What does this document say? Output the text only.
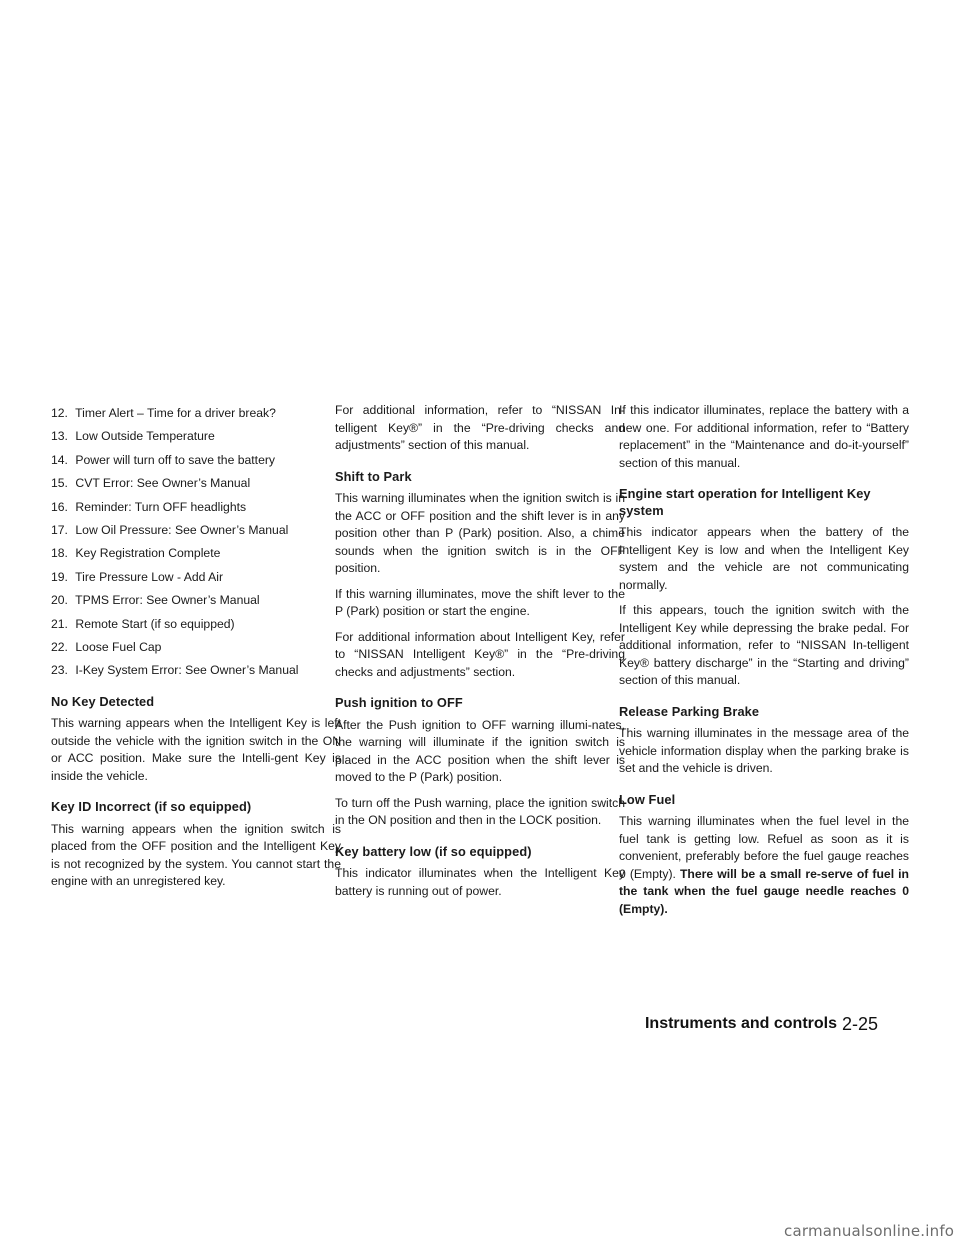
12. Timer Alert – Time for a driver break?
13. Low Outside Temperature
14. Power will turn off to save the battery
15. CVT Error: See Owner’s Manual
16. Reminder: Turn OFF headlights
17. Low Oil Pressure: See Owner’s Manual
18. Key Registration Complete
19. Tire Pressure Low - Add Air
20. TPMS Error: See Owner’s Manual
21. Remote Start (if so equipped)
22. Loose Fuel Cap
23. I-Key System Error: See Owner’s Manual
No Key Detected

This warning appears when the Intelligent Key is left outside the vehicle with the ignition switch in the ON or ACC position. Make sure the Intelli-gent Key is inside the vehicle.

Key ID Incorrect (if so equipped)

This warning appears when the ignition switch is placed from the OFF position and the Intelligent Key is not recognized by the system. You cannot start the engine with an unregistered key.

For additional information, refer to “NISSAN In-telligent Key®” in the “Pre-driving checks and adjustments” section of this manual.

Shift to Park

This warning illuminates when the ignition switch is in the ACC or OFF position and the shift lever is in any position other than P (Park) position. Also, a chime sounds when the ignition switch is in the OFF position.

If this warning illuminates, move the shift lever to the P (Park) position or start the engine.

For additional information about Intelligent Key, refer to “NISSAN Intelligent Key®” in the “Pre-driving checks and adjustments” section.

Push ignition to OFF

After the Push ignition to OFF warning illumi-nates, the warning will illuminate if the ignition switch is placed in the ACC position when the shift lever is moved to the P (Park) position.

To turn off the Push warning, place the ignition switch in the ON position and then in the LOCK position.

Key battery low (if so equipped)

This indicator illuminates when the Intelligent Key battery is running out of power.

If this indicator illuminates, replace the battery with a new one. For additional information, refer to “Battery replacement” in the “Maintenance and do-it-yourself” section of this manual.

Engine start operation for Intelligent Key system

This indicator appears when the battery of the Intelligent Key is low and when the Intelligent Key system and the vehicle are not communicating normally.

If this appears, touch the ignition switch with the Intelligent Key while depressing the brake pedal. For additional information, refer to “NISSAN In-telligent Key® battery discharge” in the “Starting and driving” section of this manual.

Release Parking Brake

This warning illuminates in the message area of the vehicle information display when the parking brake is set and the vehicle is driven.

Low Fuel

This warning illuminates when the fuel level in the fuel tank is getting low. Refuel as soon as it is convenient, preferably before the fuel gauge reaches 0 (Empty). There will be a small re-serve of fuel in the tank when the fuel gauge needle reaches 0 (Empty).

Instruments and controls 2-25
carmanualsonline.info
